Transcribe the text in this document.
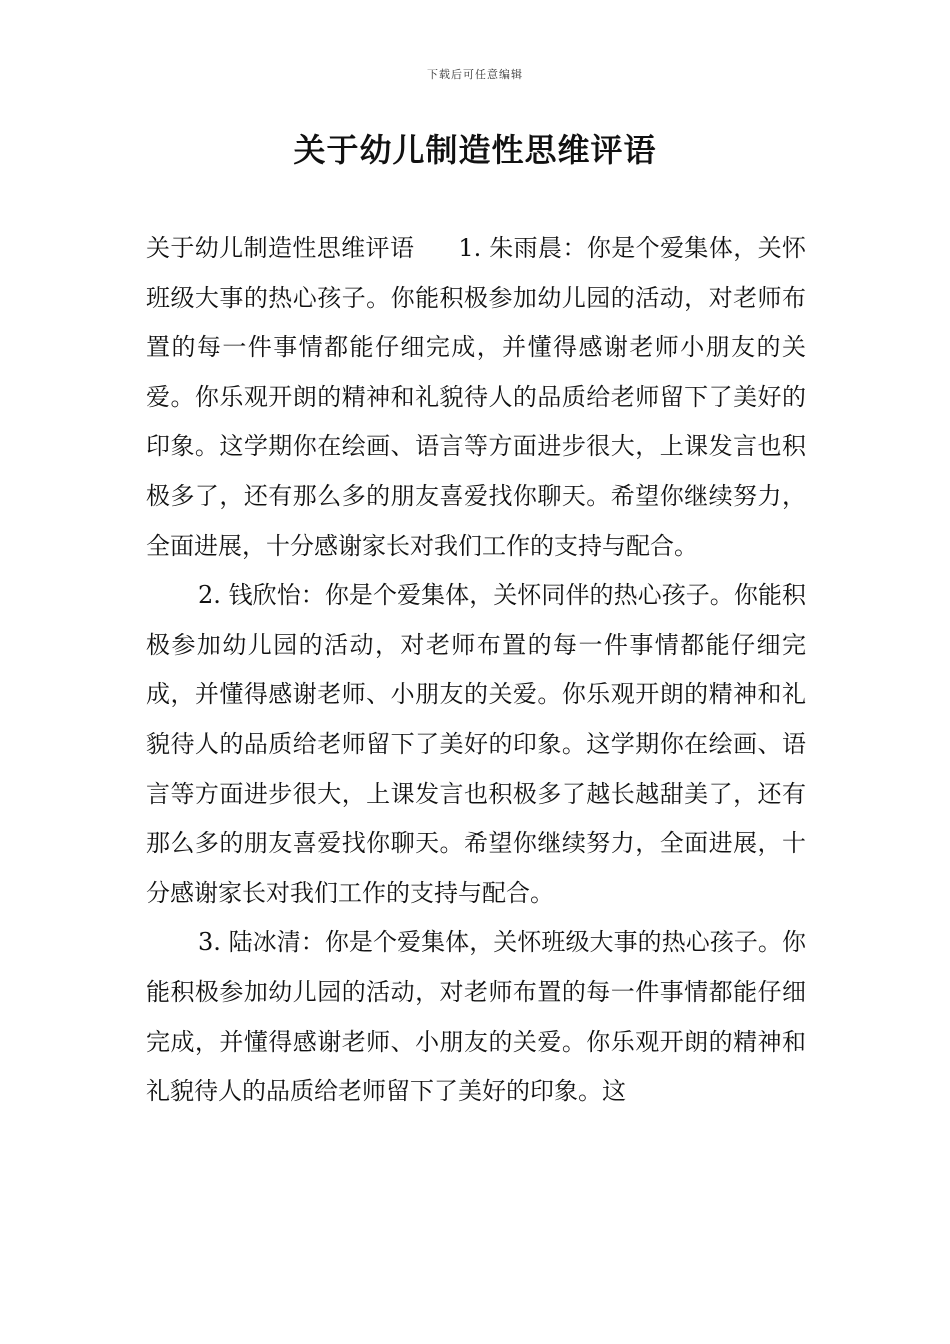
下载后可任意编辑
关于幼儿制造性思维评语

关于幼儿制造性思维评语 1. 朱雨晨：你是个爱集体，关怀班级大事的热心孩子。你能积极参加幼儿园的活动，对老师布置的每一件事情都能仔细完成，并懂得感谢老师小朋友的关爱。你乐观开朗的精神和礼貌待人的品质给老师留下了美好的印象。这学期你在绘画、语言等方面进步很大，上课发言也积极多了，还有那么多的朋友喜爱找你聊天。希望你继续努力，全面进展，十分感谢家长对我们工作的支持与配合。

2. 钱欣怡：你是个爱集体，关怀同伴的热心孩子。你能积极参加幼儿园的活动，对老师布置的每一件事情都能仔细完成，并懂得感谢老师、小朋友的关爱。你乐观开朗的精神和礼貌待人的品质给老师留下了美好的印象。这学期你在绘画、语言等方面进步很大，上课发言也积极多了越长越甜美了，还有那么多的朋友喜爱找你聊天。希望你继续努力，全面进展，十分感谢家长对我们工作的支持与配合。

3. 陆冰清：你是个爱集体，关怀班级大事的热心孩子。你能积极参加幼儿园的活动，对老师布置的每一件事情都能仔细完成，并懂得感谢老师、小朋友的关爱。你乐观开朗的精神和礼貌待人的品质给老师留下了美好的印象。这
